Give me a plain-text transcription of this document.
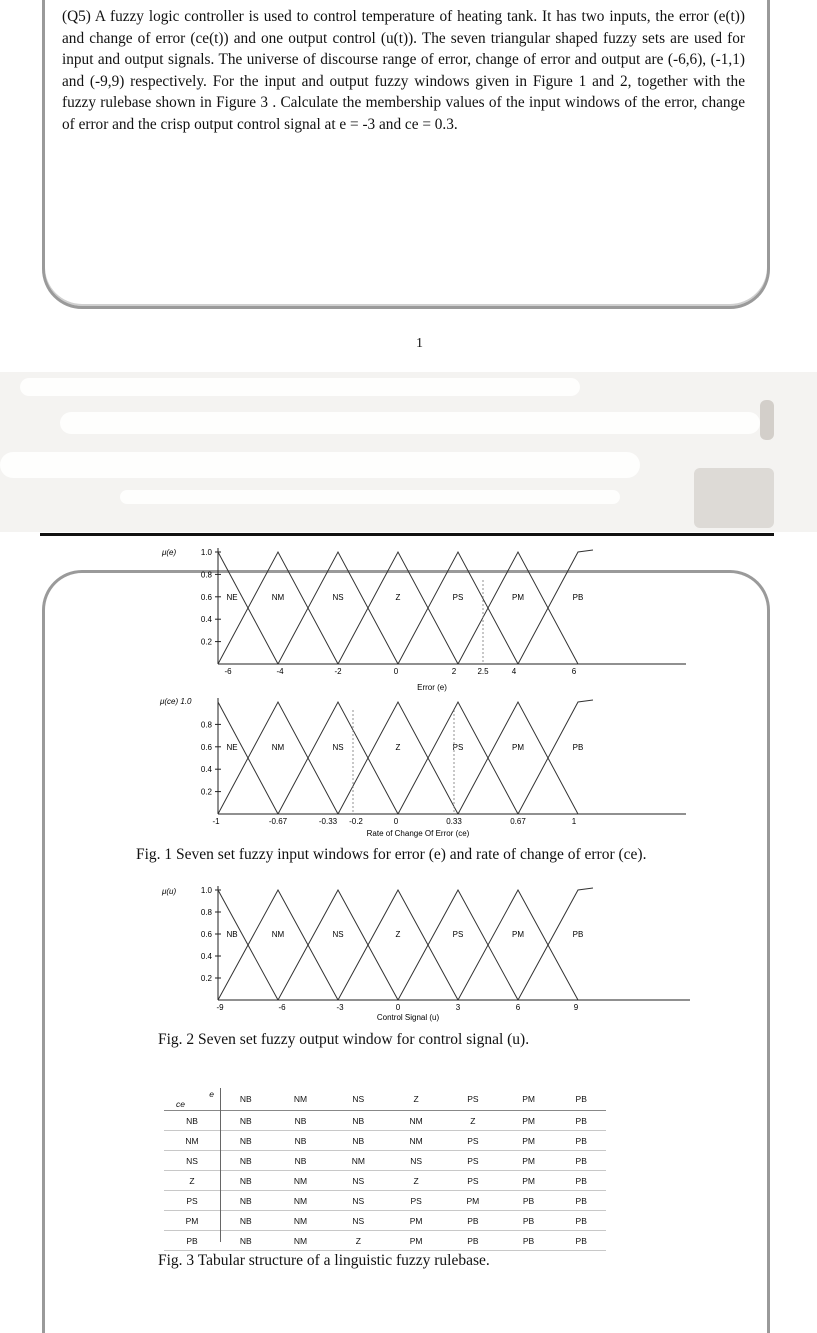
(Q5) A fuzzy logic controller is used to control temperature of heating tank. It has two inputs, the error (e(t)) and change of error (ce(t)) and one output control (u(t)). The seven triangular shaped fuzzy sets are used for input and output signals. The universe of discourse range of error, change of error and output are (-6,6), (-1,1) and (-9,9) respectively. For the input and output fuzzy windows given in Figure 1 and 2, together with the fuzzy rulebase shown in Figure 3 . Calculate the membership values of the input windows of the error, change of error and the crisp output control signal at e = -3 and ce = 0.3.
1
1.0
0.8
0.6
0.4
0.2
μ(e)
NE	NM	NS	Z	PS	PM	PB
-6	-4	-2	0	2	2.5	4	6
Error (e)
0.8
0.6
0.4
0.2
μ(ce) 1.0
NE	NM	NS	Z	PS	PM	PB
-1	-0.67	-0.33 -0.2	0	0.33	0.67	1
Rate of Change Of Error (ce)
Fig. 1 Seven set fuzzy input windows for error (e) and rate of change of error (ce).
1.0
0.8
0.6
0.4
0.2
μ(u)
NB	NM	NS	Z	PS	PM	PB
-9	-6	-3	0	3	6	9
Control Signal (u)
Fig. 2 Seven set fuzzy output window for control signal (u).
e
ce	NB	NM	NS	Z	PS	PM	PB
NB	NB	NB	NB	NM	Z	PM	PB
NM	NB	NB	NB	NM	PS	PM	PB
NS	NB	NB	NM	NS	PS	PM	PB
Z	NB	NM	NS	Z	PS	PM	PB
PS	NB	NM	NS	PS	PM	PB	PB
PM	NB	NM	NS	PM	PB	PB	PB
PB	NB	NM	Z	PM	PB	PB	PB
Fig. 3 Tabular structure of a linguistic fuzzy rulebase.
